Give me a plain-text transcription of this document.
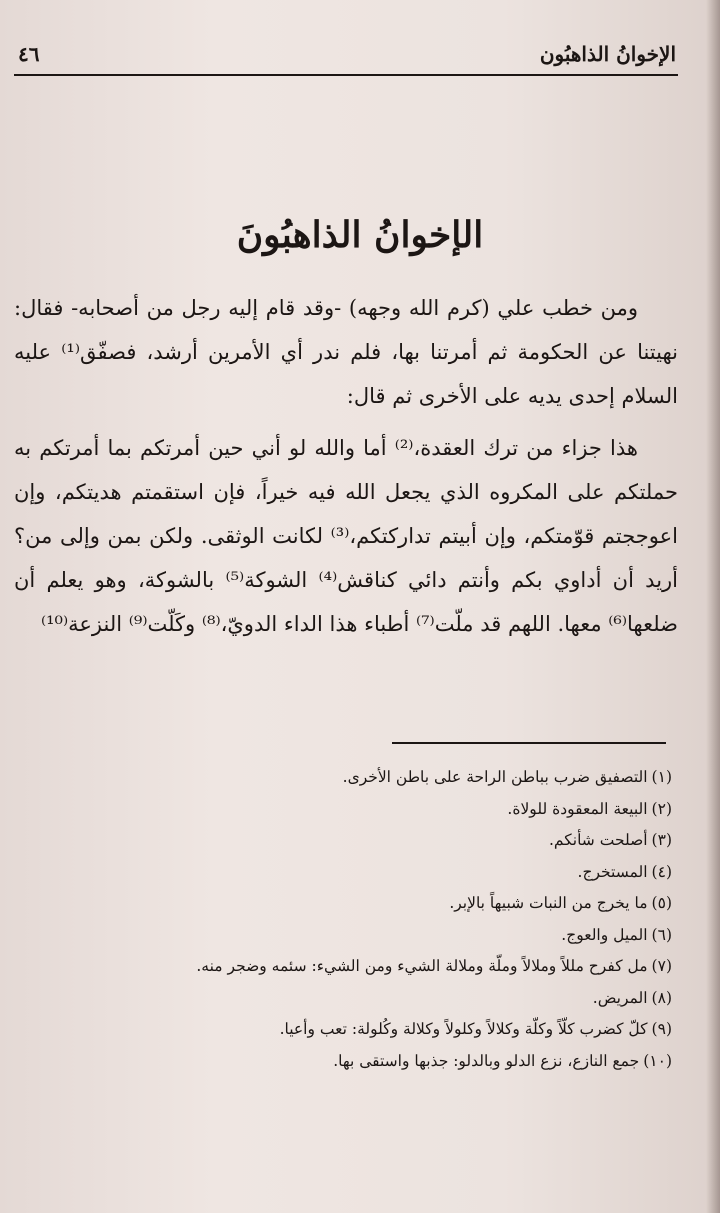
الإخوانُ الذاهبُون
٤٦
الإخوانُ الذاهبُونَ

ومن خطب علي (كرم الله وجهه) -وقد قام إليه رجل من أصحابه- فقال: نهيتنا عن الحكومة ثم أمرتنا بها، فلم ندر أي الأمرين أرشد، فصفّق⁽¹⁾ عليه السلام إحدى يديه على الأخرى ثم قال:

هذا جزاء من ترك العقدة،⁽²⁾ أما والله لو أني حين أمرتكم بما أمرتكم به حملتكم على المكروه الذي يجعل الله فيه خيراً، فإن استقمتم هديتكم، وإن اعوججتم قوّمتكم، وإن أبيتم تداركتكم،⁽³⁾ لكانت الوثقى. ولكن بمن وإلى من؟ أريد أن أداوي بكم وأنتم دائي كناقش⁽⁴⁾ الشوكة⁽⁵⁾ بالشوكة، وهو يعلم أن ضلعها⁽⁶⁾ معها. اللهم قد ملّت⁽⁷⁾ أطباء هذا الداء الدويّ،⁽⁸⁾ وكَلّت⁽⁹⁾ النزعة⁽¹⁰⁾

(١)التصفيق ضرب بباطن الراحة على باطن الأخرى.
(٢)البيعة المعقودة للولاة.
(٣)أصلحت شأنكم.
(٤)المستخرج.
(٥)ما يخرج من النبات شبيهاً بالإبر.
(٦)الميل والعوج.
(٧)مل كفرح مللاً وملالاً وملّة وملالة الشيء ومن الشيء: سئمه وضجر منه.
(٨)المريض.
(٩)كلّ كضرب كلّاً وكلّة وكلالاً وكلولاً وكلالة وكُلولة: تعب وأعيا.
(١٠)جمع النازع، نزع الدلو وبالدلو: جذبها واستقى بها.
